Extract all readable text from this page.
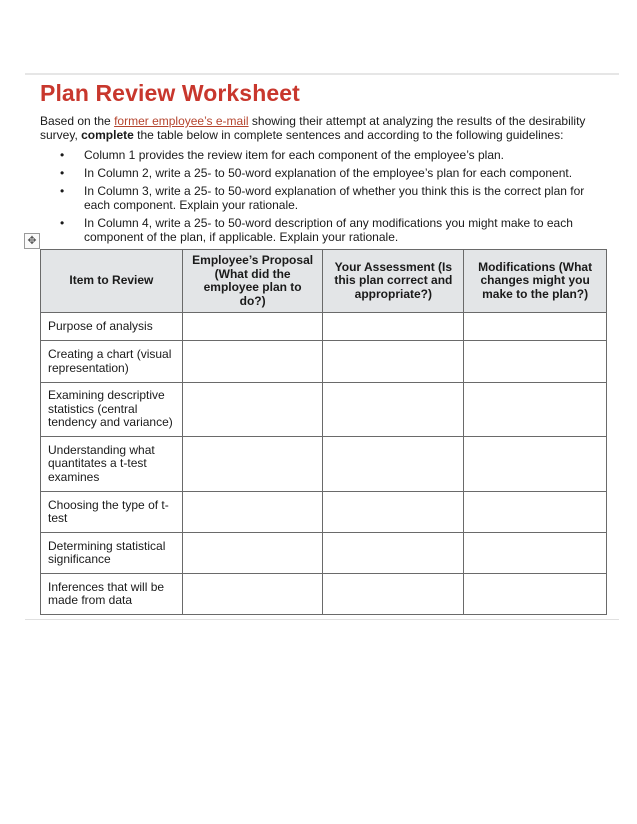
Plan Review Worksheet

Based on the former employee’s e-mail showing their attempt at analyzing the results of the desirability survey, complete the table below in complete sentences and according to the following guidelines:

• Column 1 provides the review item for each component of the employee’s plan.
• In Column 2, write a 25- to 50-word explanation of the employee’s plan for each component.
• In Column 3, write a 25- to 50-word explanation of whether you think this is the correct plan for each component. Explain your rationale.
• In Column 4, write a 25- to 50-word description of any modifications you might make to each component of the plan, if applicable. Explain your rationale.
✥
Item to Review	Employee’s Proposal (What did the employee plan to do?)	Your Assessment (Is this plan correct and appropriate?)	Modifications (What changes might you make to the plan?)
Purpose of analysis			
Creating a chart (visual representation)			
Examining descriptive statistics (central tendency and variance)			
Understanding what quantitates a t-test examines			
Choosing the type of t-test			
Determining statistical significance			
Inferences that will be made from data			
